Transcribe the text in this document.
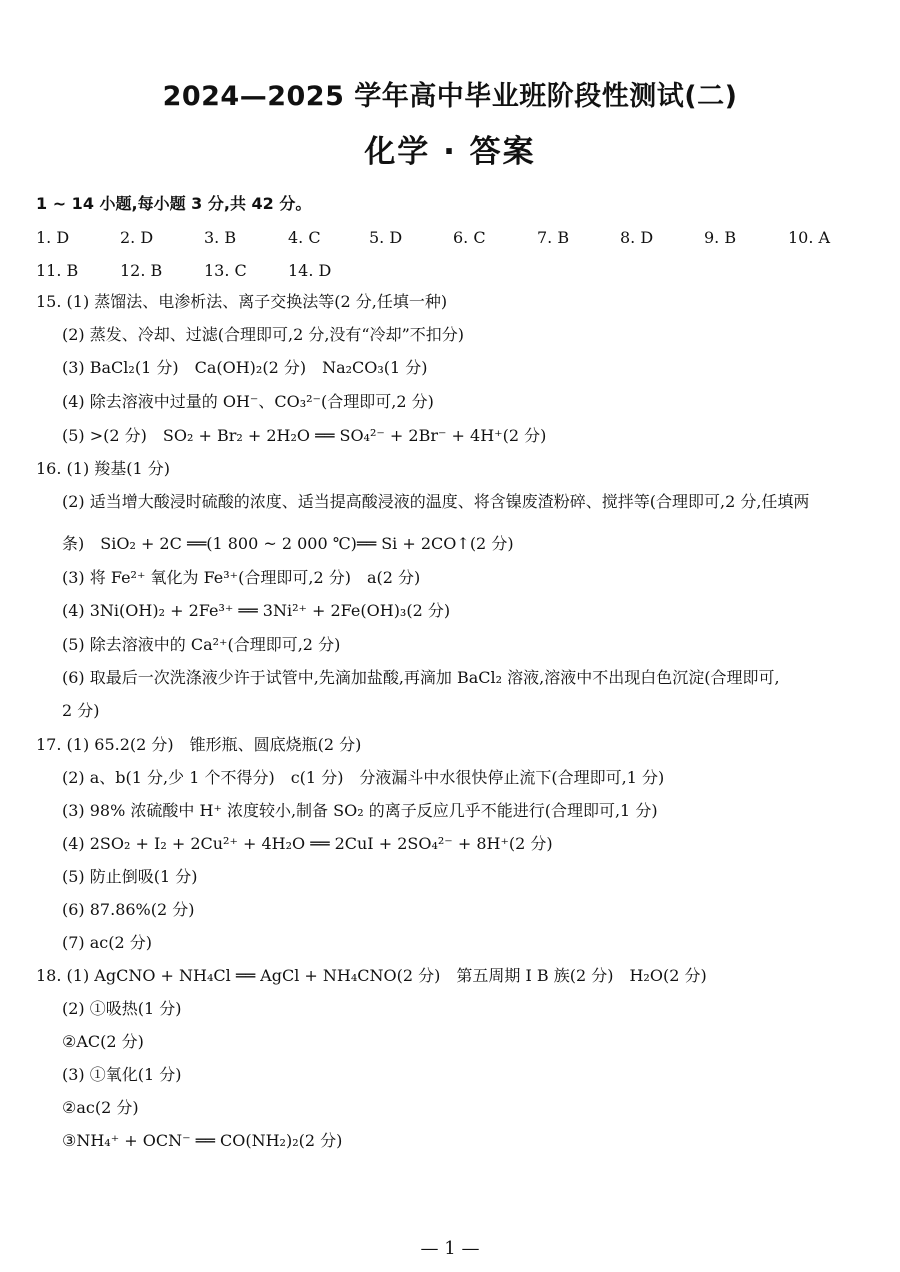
2024—2025 学年高中毕业班阶段性测试(二)
化学 · 答案
1 ~ 14 小题,每小题 3 分,共 42 分。
1. D	2. D	3. B	4. C	5. D	6. C	7. B	8. D	9. B	10. A
11. B	12. B	13. C	14. D
15. (1) 蒸馏法、电渗析法、离子交换法等(2 分,任填一种)
(2) 蒸发、冷却、过滤(合理即可,2 分,没有“冷却”不扣分)
(3) BaCl₂(1 分)　Ca(OH)₂(2 分)　Na₂CO₃(1 分)
(4) 除去溶液中过量的 OH⁻、CO₃²⁻(合理即可,2 分)
(5) >(2 分)　SO₂ + Br₂ + 2H₂O ══ SO₄²⁻ + 2Br⁻ + 4H⁺(2 分)
16. (1) 羧基(1 分)
(2) 适当增大酸浸时硫酸的浓度、适当提高酸浸液的温度、将含镍废渣粉碎、搅拌等(合理即可,2 分,任填两
条)　SiO₂ + 2C ══(1 800 ~ 2 000 ℃)══ Si + 2CO↑(2 分)
(3) 将 Fe²⁺ 氧化为 Fe³⁺(合理即可,2 分)　a(2 分)
(4) 3Ni(OH)₂ + 2Fe³⁺ ══ 3Ni²⁺ + 2Fe(OH)₃(2 分)
(5) 除去溶液中的 Ca²⁺(合理即可,2 分)
(6) 取最后一次洗涤液少许于试管中,先滴加盐酸,再滴加 BaCl₂ 溶液,溶液中不出现白色沉淀(合理即可,
2 分)
17. (1) 65.2(2 分)　锥形瓶、圆底烧瓶(2 分)
(2) a、b(1 分,少 1 个不得分)　c(1 分)　分液漏斗中水很快停止流下(合理即可,1 分)
(3) 98% 浓硫酸中 H⁺ 浓度较小,制备 SO₂ 的离子反应几乎不能进行(合理即可,1 分)
(4) 2SO₂ + I₂ + 2Cu²⁺ + 4H₂O ══ 2CuI + 2SO₄²⁻ + 8H⁺(2 分)
(5) 防止倒吸(1 分)
(6) 87.86%(2 分)
(7) ac(2 分)
18. (1) AgCNO + NH₄Cl ══ AgCl + NH₄CNO(2 分)　第五周期 Ⅰ B 族(2 分)　H₂O(2 分)
(2) ①吸热(1 分)
②AC(2 分)
(3) ①氧化(1 分)
②ac(2 分)
③NH₄⁺ + OCN⁻ ══ CO(NH₂)₂(2 分)
— 1 —
